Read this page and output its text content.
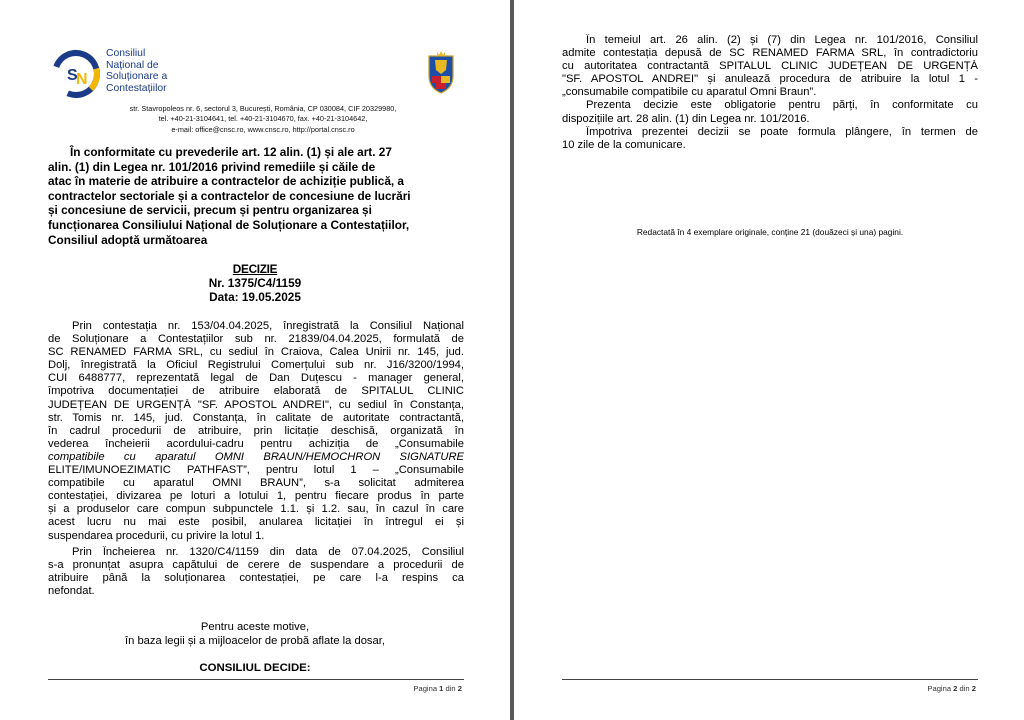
S
N
Consiliul
Național de
Soluționare a
Contestațiilor
str. Stavropoleos nr. 6, sectorul 3, București, România, CP 030084, CIF 20329980,
tel. +40-21-3104641, tel. +40-21-3104670, fax. +40-21-3104642,
e-mail: office@cnsc.ro, www.cnsc.ro, http://portal.cnsc.ro
În conformitate cu prevederile art. 12 alin. (1) și ale art. 27
alin. (1) din Legea nr. 101/2016 privind remediile și căile de
atac în materie de atribuire a contractelor de achiziție publică, a
contractelor sectoriale și a contractelor de concesiune de lucrări
și concesiune de servicii, precum și pentru organizarea și
funcționarea Consiliului Național de Soluționare a Contestațiilor,
Consiliul adoptă următoarea
DECIZIE
Nr. 1375/C4/1159
Data: 19.05.2025
Prin contestația nr. 153/04.04.2025, înregistrată la Consiliul Național
de Soluționare a Contestațiilor sub nr. 21839/04.04.2025, formulată de
SC RENAMED FARMA SRL, cu sediul în Craiova, Calea Unirii nr. 145, jud.
Dolj, înregistrată la Oficiul Registrului Comerțului sub nr. J16/3200/1994,
CUI 6488777, reprezentată legal de Dan Duțescu - manager general,
împotriva documentației de atribuire elaborată de SPITALUL CLINIC
JUDEȚEAN DE URGENȚĂ "SF. APOSTOL ANDREI", cu sediul în Constanța,
str. Tomis nr. 145, jud. Constanța, în calitate de autoritate contractantă,
în cadrul procedurii de atribuire, prin licitație deschisă, organizată în
vederea încheierii acordului-cadru pentru achiziția de „Consumabile
compatibile cu aparatul OMNI BRAUN/HEMOCHRON SIGNATURE
ELITE/IMUNOEZIMATIC PATHFAST”, pentru lotul 1 – „Consumabile
compatibile cu aparatul OMNI BRAUN”, s-a solicitat admiterea
contestației, divizarea pe loturi a lotului 1, pentru fiecare produs în parte
și a produselor care compun subpunctele 1.1. și 1.2. sau, în cazul în care
acest lucru nu mai este posibil, anularea licitației în întregul ei și
suspendarea procedurii, cu privire la lotul 1.
Prin Încheierea nr. 1320/C4/1159 din data de 07.04.2025, Consiliul
s-a pronunțat asupra capătului de cerere de suspendare a procedurii de
atribuire până la soluționarea contestației, pe care l-a respins ca
nefondat.
Pentru aceste motive,
în baza legii și a mijloacelor de probă aflate la dosar,
CONSILIUL DECIDE:
Pagina 1 din 2
În temeiul art. 26 alin. (2) și (7) din Legea nr. 101/2016, Consiliul
admite contestația depusă de SC RENAMED FARMA SRL, în contradictoriu
cu autoritatea contractantă SPITALUL CLINIC JUDEȚEAN DE URGENȚĂ
"SF. APOSTOL ANDREI" și anulează procedura de atribuire la lotul 1 -
„consumabile compatibile cu aparatul Omni Braun”.
Prezenta decizie este obligatorie pentru părți, în conformitate cu
dispozițiile art. 28 alin. (1) din Legea nr. 101/2016.
Împotriva prezentei decizii se poate formula plângere, în termen de
10 zile de la comunicare.
Redactată în 4 exemplare originale, conține 21 (douăzeci și una) pagini.
Pagina 2 din 2
